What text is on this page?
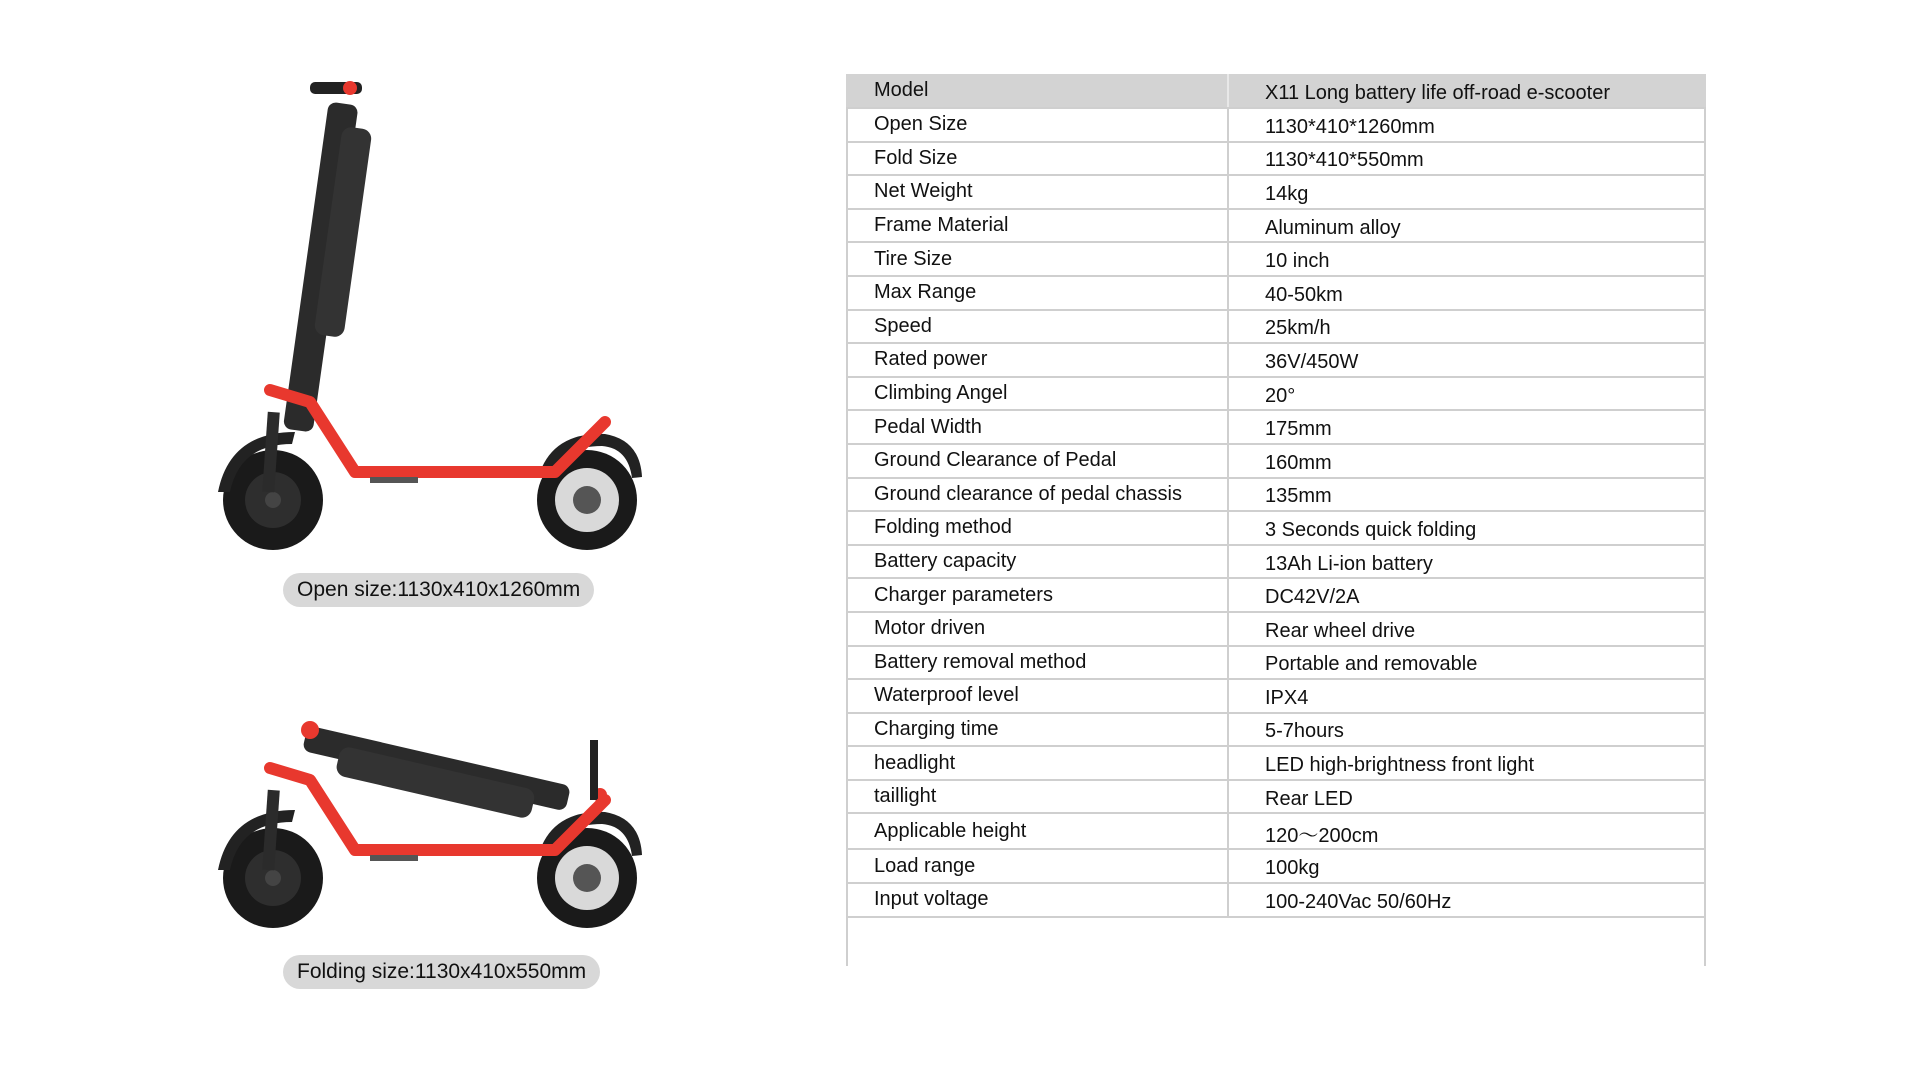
Open size:1130x410x1260mm
Folding size:1130x410x550mm
Model	X11 Long battery life off-road e-scooter
Open Size	1130*410*1260mm
Fold Size	1130*410*550mm
Net Weight	14kg
Frame Material	Aluminum alloy
Tire Size	10 inch
Max Range	40-50km
Speed	25km/h
Rated power	36V/450W
Climbing Angel	20°
Pedal Width	175mm
Ground Clearance of Pedal	160mm
Ground clearance of pedal chassis	135mm
Folding method	3 Seconds quick folding
Battery capacity	13Ah Li-ion battery
Charger parameters	DC42V/2A
Motor driven	Rear wheel drive
Battery removal method	Portable and removable
Waterproof level	IPX4
Charging time	5-7hours
headlight	LED high-brightness front light
taillight	Rear LED
Applicable height	120～200cm
Load range	100kg
Input voltage	100-240Vac 50/60Hz
